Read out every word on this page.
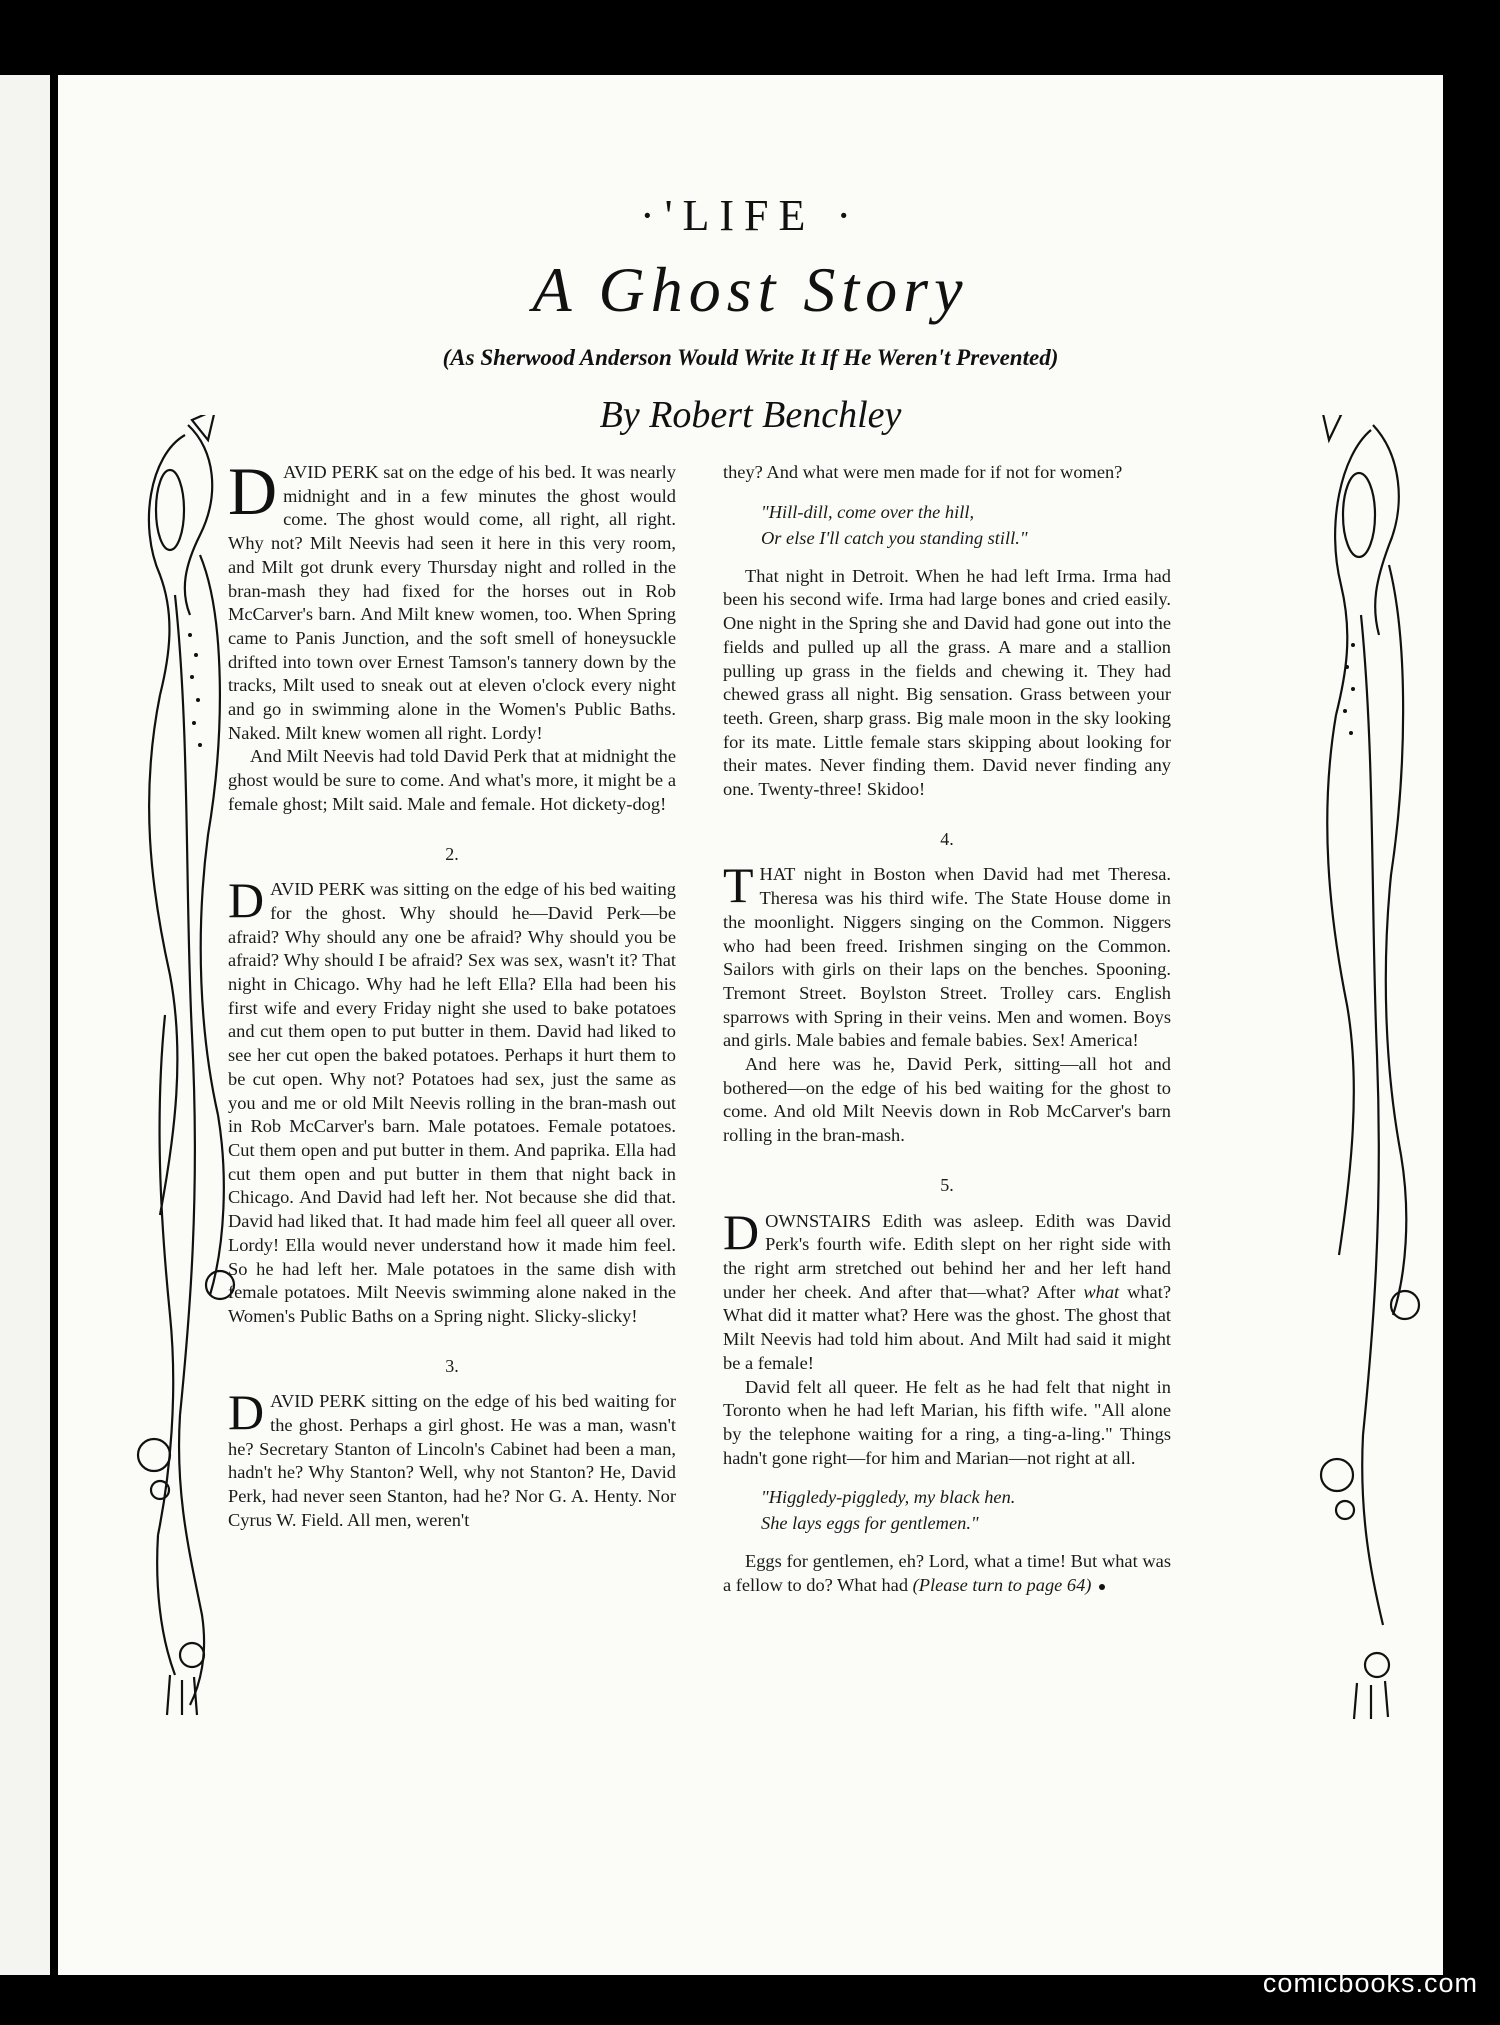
·'LIFE ·
A Ghost Story
(As Sherwood Anderson Would Write It If He Weren't Prevented)
By Robert Benchley

DAVID PERK sat on the edge of his bed. It was nearly midnight and in a few minutes the ghost would come. The ghost would come, all right, all right. Why not? Milt Neevis had seen it here in this very room, and Milt got drunk every Thursday night and rolled in the bran-mash they had fixed for the horses out in Rob McCarver's barn. And Milt knew women, too. When Spring came to Panis Junction, and the soft smell of honeysuckle drifted into town over Ernest Tamson's tannery down by the tracks, Milt used to sneak out at eleven o'clock every night and go in swimming alone in the Women's Public Baths. Naked. Milt knew women all right. Lordy!

And Milt Neevis had told David Perk that at midnight the ghost would be sure to come. And what's more, it might be a female ghost; Milt said. Male and female. Hot dickety-dog!

2.

DAVID PERK was sitting on the edge of his bed waiting for the ghost. Why should he—David Perk—be afraid? Why should any one be afraid? Why should you be afraid? Why should I be afraid? Sex was sex, wasn't it? That night in Chicago. Why had he left Ella? Ella had been his first wife and every Friday night she used to bake potatoes and cut them open to put butter in them. David had liked to see her cut open the baked potatoes. Perhaps it hurt them to be cut open. Why not? Potatoes had sex, just the same as you and me or old Milt Neevis rolling in the bran-mash out in Rob McCarver's barn. Male potatoes. Female potatoes. Cut them open and put butter in them. And paprika. Ella had cut them open and put butter in them that night back in Chicago. And David had left her. Not because she did that. David had liked that. It had made him feel all queer all over. Lordy! Ella would never understand how it made him feel. So he had left her. Male potatoes in the same dish with female potatoes. Milt Neevis swimming alone naked in the Women's Public Baths on a Spring night. Slicky-slicky!

3.

DAVID PERK sitting on the edge of his bed waiting for the ghost. Perhaps a girl ghost. He was a man, wasn't he? Secretary Stanton of Lincoln's Cabinet had been a man, hadn't he? Why Stanton? Well, why not Stanton? He, David Perk, had never seen Stanton, had he? Nor G. A. Henty. Nor Cyrus W. Field. All men, weren't

they? And what were men made for if not for women?

"Hill-dill, come over the hill,
Or else I'll catch you standing still."

That night in Detroit. When he had left Irma. Irma had been his second wife. Irma had large bones and cried easily. One night in the Spring she and David had gone out into the fields and pulled up all the grass. A mare and a stallion pulling up grass in the fields and chewing it. They had chewed grass all night. Big sensation. Grass between your teeth. Green, sharp grass. Big male moon in the sky looking for its mate. Little female stars skipping about looking for their mates. Never finding them. David never finding any one. Twenty-three! Skidoo!

4.

THAT night in Boston when David had met Theresa. Theresa was his third wife. The State House dome in the moonlight. Niggers singing on the Common. Niggers who had been freed. Irishmen singing on the Common. Sailors with girls on their laps on the benches. Spooning. Tremont Street. Boylston Street. Trolley cars. English sparrows with Spring in their veins. Men and women. Boys and girls. Male babies and female babies. Sex! America!

And here was he, David Perk, sitting—all hot and bothered—on the edge of his bed waiting for the ghost to come. And old Milt Neevis down in Rob McCarver's barn rolling in the bran-mash.

5.

DOWNSTAIRS Edith was asleep. Edith was David Perk's fourth wife. Edith slept on her right side with the right arm stretched out behind her and her left hand under her cheek. And after that—what? After what what? What did it matter what? Here was the ghost. The ghost that Milt Neevis had told him about. And Milt had said it might be a female!

David felt all queer. He felt as he had felt that night in Toronto when he had left Marian, his fifth wife. "All alone by the telephone waiting for a ring, a ting-a-ling." Things hadn't gone right—for him and Marian—not right at all.

"Higgledy-piggledy, my black hen.
She lays eggs for gentlemen."

Eggs for gentlemen, eh? Lord, what a time! But what was a fellow to do? What had (Please turn to page 64)

comicbooks.com
